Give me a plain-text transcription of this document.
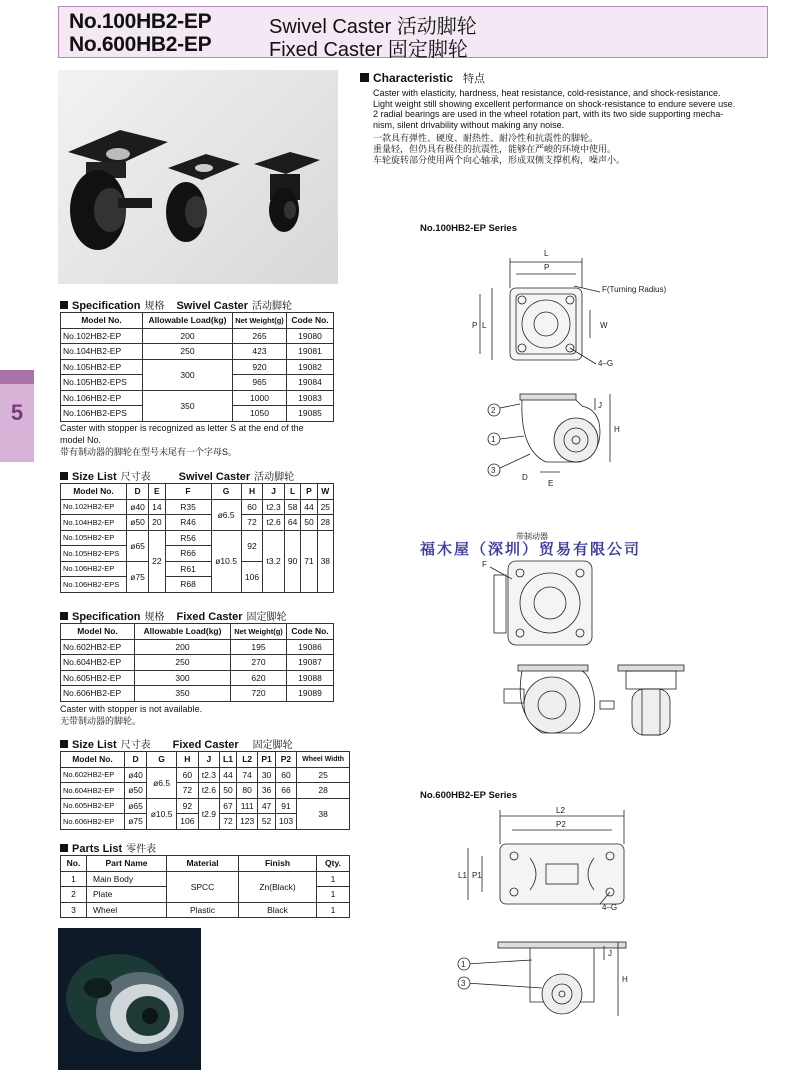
No.100HB2-EP	Swivel Caster 活动脚轮
No.600HB2-EP	Fixed Caster 固定脚轮
5
Characteristic 特点
Caster with elasticity, hardness, heat resistance, cold-resistance, and shock-resistance.
Light weight still showing excellent performance on shock-resistance to endure severe use.
2 radial bearings are used in the wheel rotation part, with its two side supporting mecha-
nism, silent drivability without making any noise.
一款具有弹性、硬度、耐热性、耐冷性和抗震性的脚轮。
重量轻，但仍具有极佳的抗震性，能够在严峻的环境中使用。
车轮旋转部分使用两个向心轴承，形成双侧支撑机构，噪声小。
Specification 规格 Swivel Caster 活动脚轮
Model No.	Allowable Load(kg)	Net Weight(g)	Code No.
No.102HB2-EP	200	265	19080
No.104HB2-EP	250	423	19081
No.105HB2-EP	300	920	19082
No.105HB2-EPS		965	19084
No.106HB2-EP	350	1000	19083
No.106HB2-EPS		1050	19085
Caster with stopper is recognized as letter S at the end of the
model No.
带有制动器的脚轮在型号末尾有一个字母S。
Size List 尺寸表	Swivel Caster 活动脚轮
Model No.	D	E	F	G	H	J	L	P	W
No.102HB2-EP	ø40	14	R35	ø6.5	60	t2.3	58	44	25
No.104HB2-EP	ø50	20	R46		72	t2.6	64	50	28
No.105HB2-EP	ø65	22	R56	ø10.5	92	t3.2	90	71	38
No.105HB2-EPS			R66						
No.106HB2-EP	ø75		R61		106				
No.106HB2-EPS			R68						
Specification 规格 Fixed Caster 固定脚轮
Model No.	Allowable Load(kg)	Net Weight(g)	Code No.
No.602HB2-EP	200	195	19086
No.604HB2-EP	250	270	19087
No.605HB2-EP	300	620	19088
No.606HB2-EP	350	720	19089
Caster with stopper is not available.
无带制动器的脚轮。
Size List 尺寸表 Fixed Caster 固定脚轮
Model No.	D	G	H	J	L1	L2	P1	P2	Wheel Width
No.602HB2-EP	ø40	ø6.5	60	t2.3	44	74	30	60	25
No.604HB2-EP	ø50		72	t2.6	50	80	36	66	28
No.605HB2-EP	ø65	ø10.5	92	t2.9	67	111	47	91	38
No.606HB2-EP	ø75		106		72	123	52	103	
Parts List 零件表
No.	Part Name	Material	Finish	Qty.
1	Main Body	SPCC	Zn(Black)	1
2	Plate			1
3	Wheel	Plastic	Black	1
No.100HB2-EP Series
L
P
L
P	W
F(Turning Radius)
4–G
J
H
D
E
2
1
3
福木屋（深圳）贸易有限公司
带制动器
F
No.600HB2-EP Series
L2
P2
L1 P1
4–G
J
H
1
3
